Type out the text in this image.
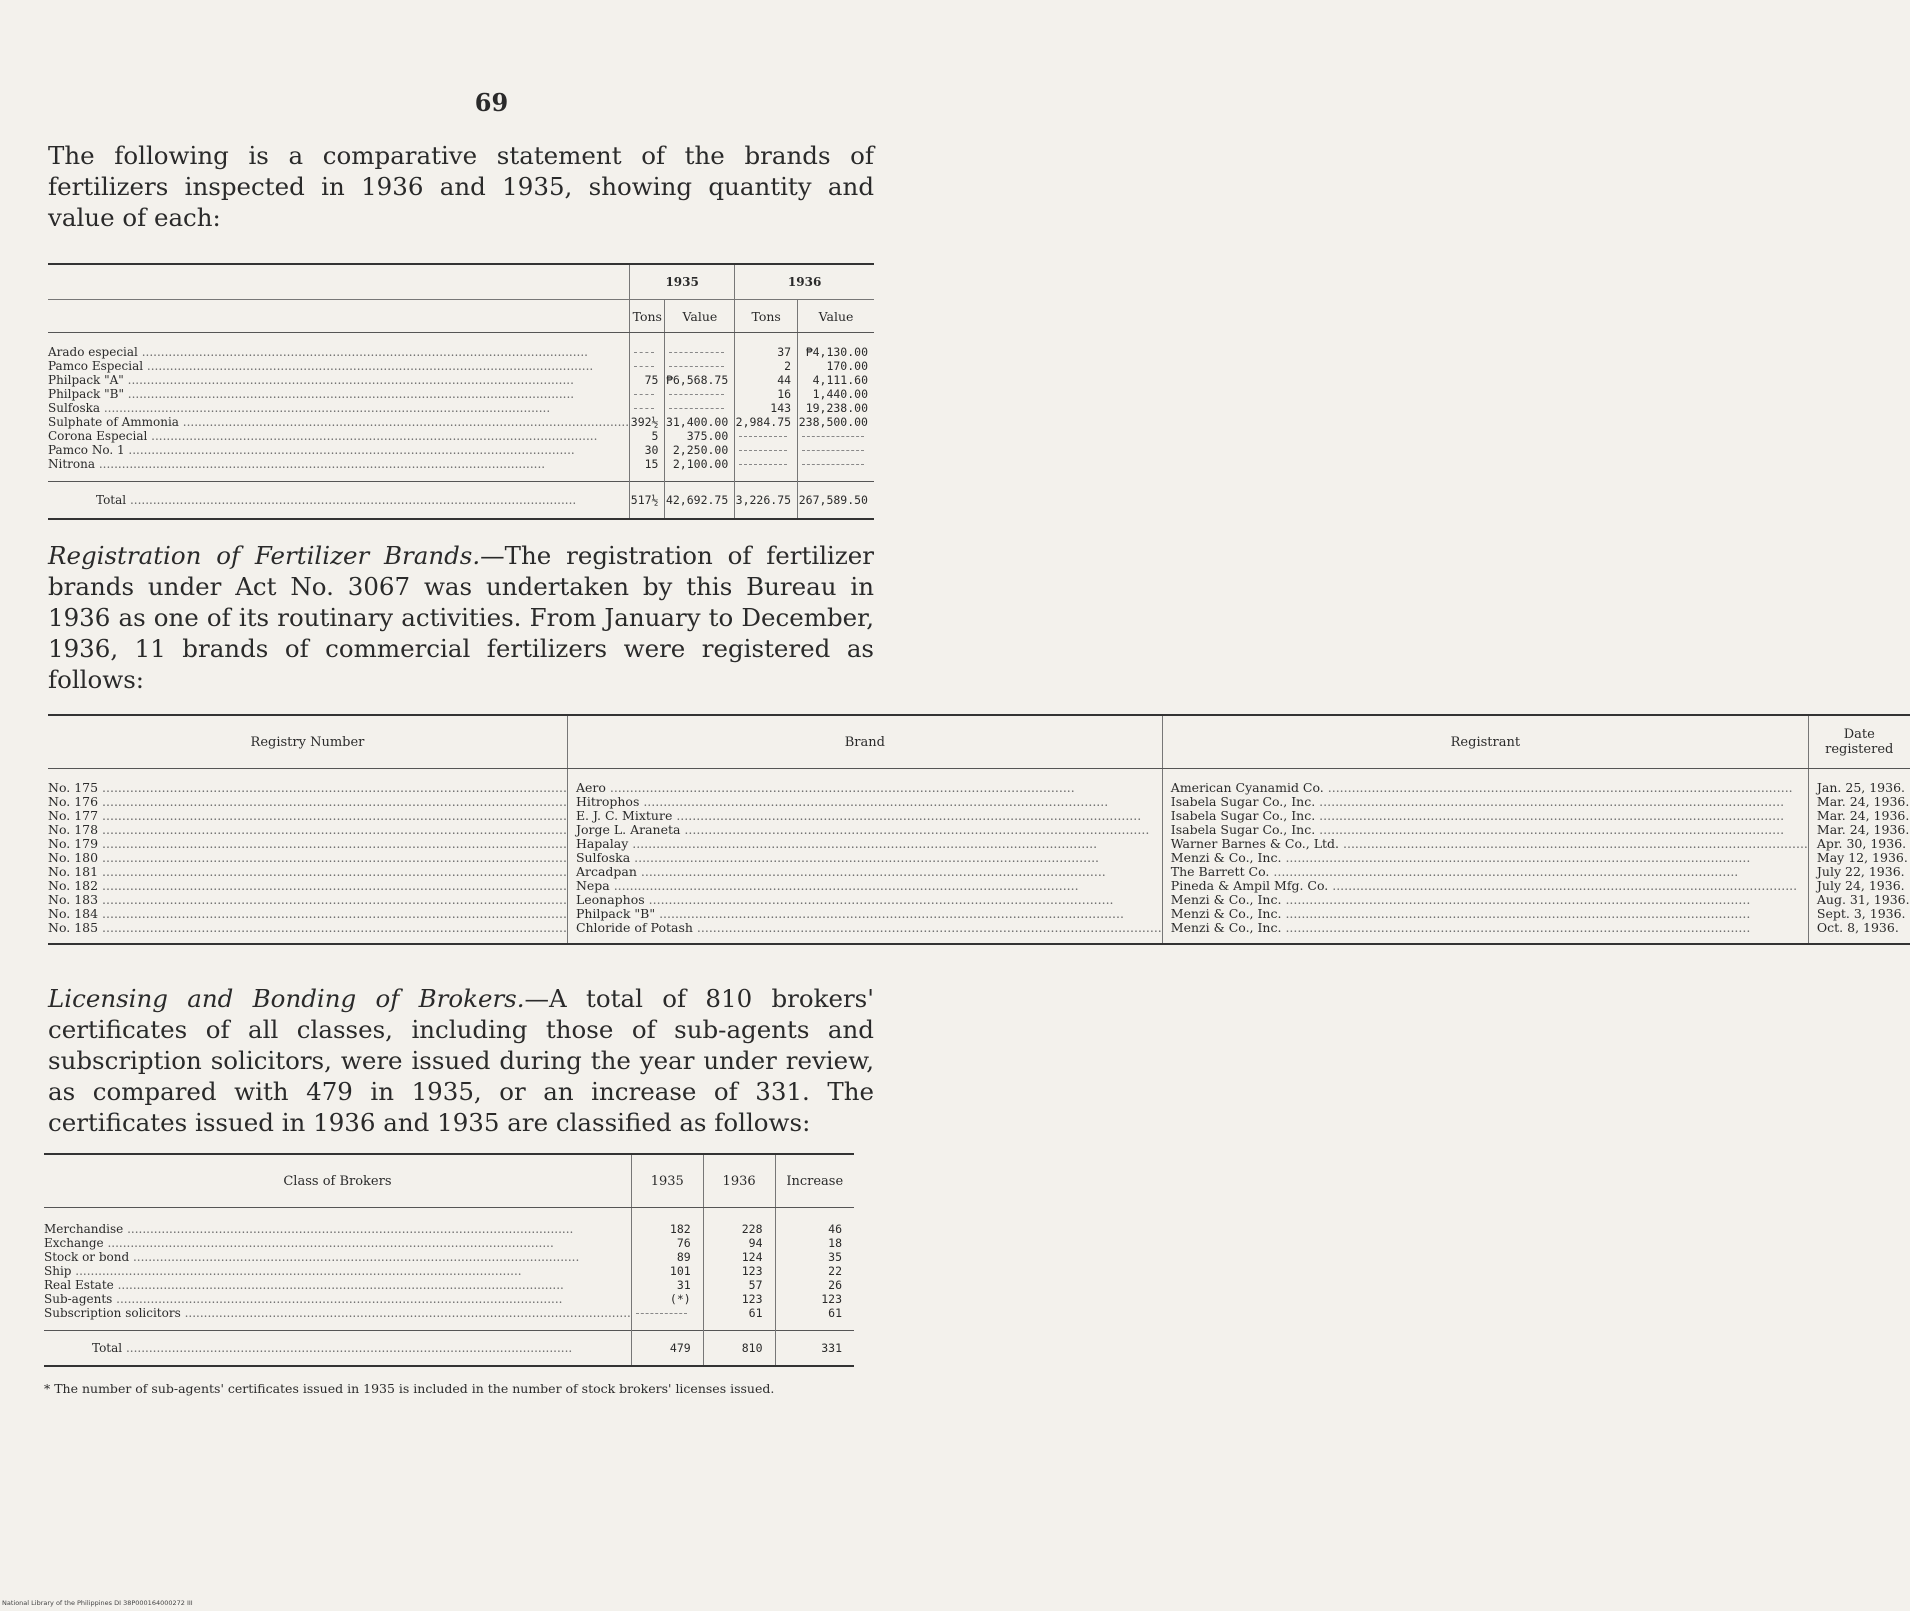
69

The following is a comparative statement of the brands of fertilizers inspected in 1936 and 1935, showing quantity and value of each:

	1935		1936	
	Tons	Value	Tons	Value
Arado especial .....			37	₱4,130.00
Pamco Especial .....			2	170.00
Philpack "A" .....	75	₱6,568.75	44	4,111.60
Philpack "B" .....			16	1,440.00
Sulfoska .....			143	19,238.00
Sulphate of Ammonia .....	392½	31,400.00	2,984.75	238,500.00
Corona Especial .....	5	375.00	

Pamco No. 1 .....	30	2,250.00	

Nitrona .....	15	2,100.00	

Total .....	517½	42,692.75	3,226.75	267,589.50

Registration of Fertilizer Brands.—The registration of fertilizer brands under Act No. 3067 was undertaken by this Bureau in 1936 as one of its routinary activities. From January to December, 1936, 11 brands of commercial fertilizers were registered as follows:

Registry Number	Brand	Registrant	Date registered
No. 175 .....	Aero .....	American Cyanamid Co. .....	Jan. 25, 1936.
No. 176 .....	Hitrophos .....	Isabela Sugar Co., Inc. .....	Mar. 24, 1936.
No. 177 .....	E. J. C. Mixture .....	Isabela Sugar Co., Inc. .....	Mar. 24, 1936.
No. 178 .....	Jorge L. Araneta .....	Isabela Sugar Co., Inc. .....	Mar. 24, 1936.
No. 179 .....	Hapalay .....	Warner Barnes & Co., Ltd. .....	Apr. 30, 1936.
No. 180 .....	Sulfoska .....	Menzi & Co., Inc. .....	May 12, 1936.
No. 181 .....	Arcadpan .....	The Barrett Co. .....	July 22, 1936.
No. 182 .....	Nepa .....	Pineda & Ampil Mfg. Co. .....	July 24, 1936.
No. 183 .....	Leonaphos .....	Menzi & Co., Inc. .....	Aug. 31, 1936.
No. 184 .....	Philpack "B" .....	Menzi & Co., Inc. .....	Sept. 3, 1936.
No. 185 .....	Chloride of Potash .....	Menzi & Co., Inc. .....	Oct. 8, 1936.

Licensing and Bonding of Brokers.—A total of 810 brokers' certificates of all classes, including those of sub-agents and subscription solicitors, were issued during the year under review, as compared with 479 in 1935, or an increase of 331. The certificates issued in 1936 and 1935 are classified as follows:

Class of Brokers	1935	1936	Increase
Merchandise .....	182	228	46
Exchange .....	76	94	18
Stock or bond .....	89	124	35
Ship .....	101	123	22
Real Estate .....	31	57	26
Sub-agents .....	(*)	123	123
Subscription solicitors .....		61	61
Total .....	479	810	331

* The number of sub-agents' certificates issued in 1935 is included in the number of stock brokers' licenses issued.

National Library of the Philippines DI 38P000164000272 III
